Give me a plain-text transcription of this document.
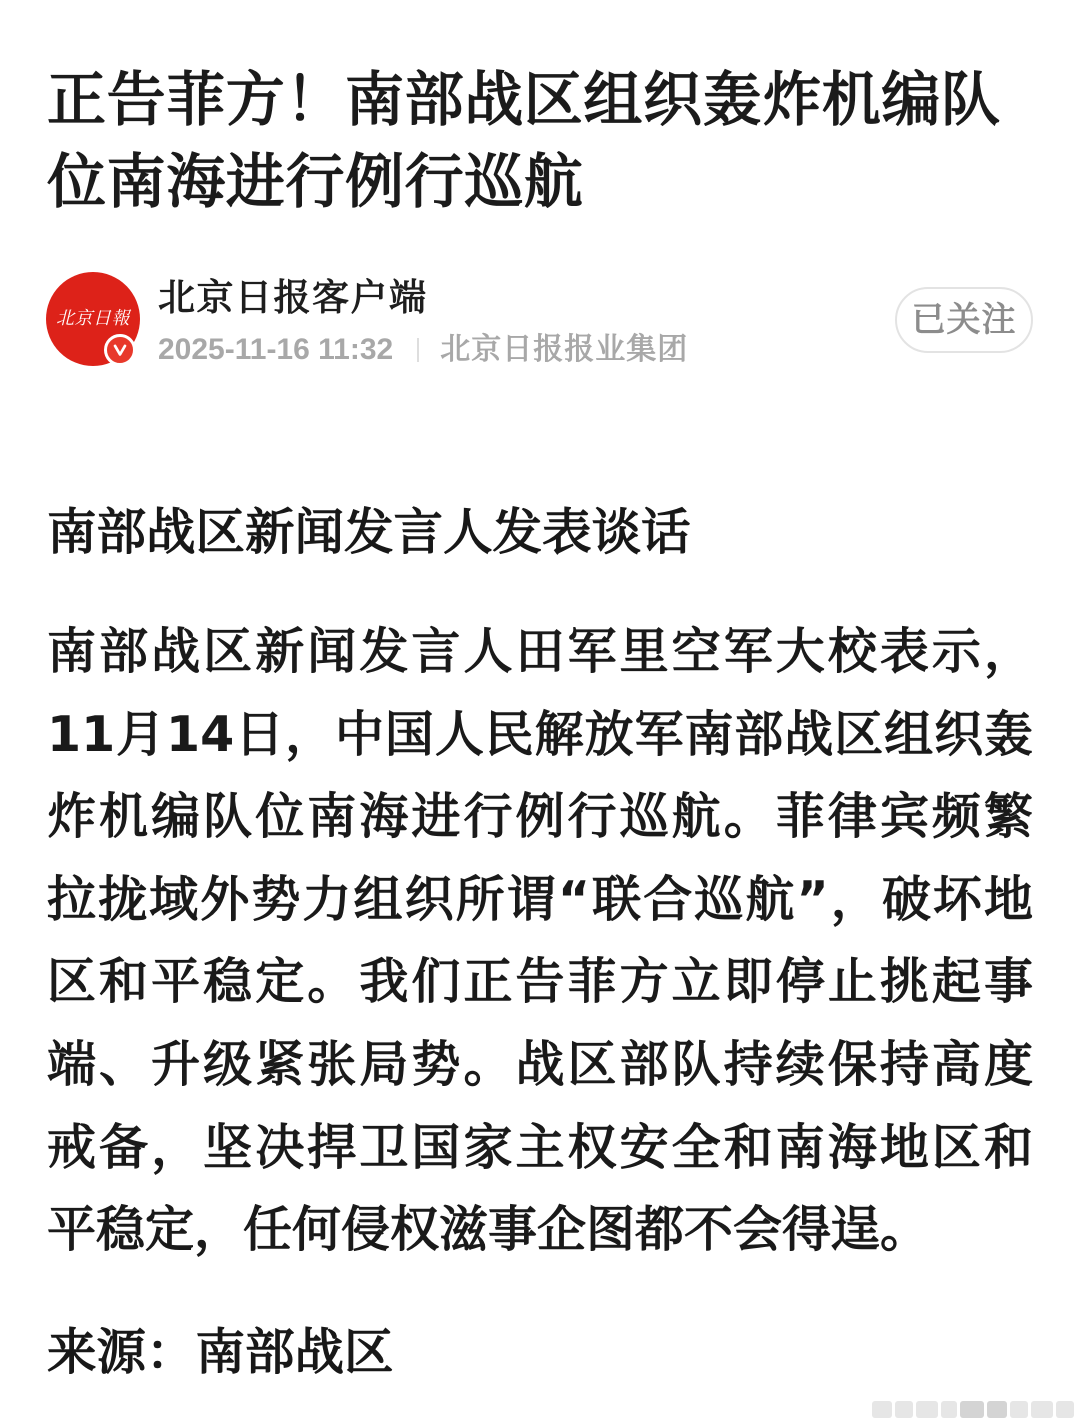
正告菲方！南部战区组织轰炸机编队位南海进行例行巡航
北京日報 北京日报客户端
2025-11-16 11:32 北京日报报业集团
已关注
南部战区新闻发言人发表谈话
南部战区新闻发言人田军里空军大校表示，
11月14日，中国人民解放军南部战区组织轰
炸机编队位南海进行例行巡航。菲律宾频繁
拉拢域外势力组织所谓“联合巡航”，破坏地
区和平稳定。我们正告菲方立即停止挑起事
端、升级紧张局势。战区部队持续保持高度
戒备，坚决捍卫国家主权安全和南海地区和
平稳定，任何侵权滋事企图都不会得逞。
来源：南部战区
